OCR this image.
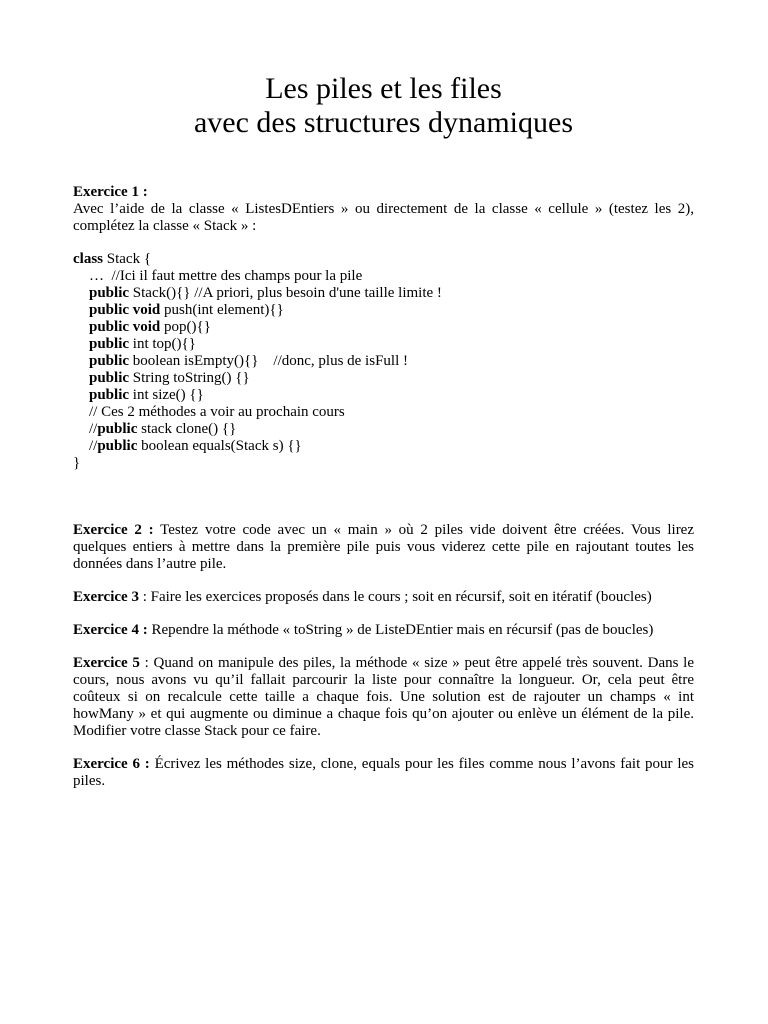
Les piles et les files
avec des structures dynamiques

Exercice 1 :
Avec l’aide de la classe « ListesDEntiers » ou directement de la classe « cellule » (testez les 2), complétez la classe « Stack » :

class Stack {
…  //Ici il faut mettre des champs pour la pile
public Stack(){} //A priori, plus besoin d'une taille limite !
public void push(int element){}
public void pop(){}
public int top(){}
public boolean isEmpty(){}    //donc, plus de isFull !
public String toString() {}
public int size() {}
// Ces 2 méthodes a voir au prochain cours
//public stack clone() {}
//public boolean equals(Stack s) {}
}

Exercice 2 : Testez votre code avec un « main » où 2 piles vide doivent être créées. Vous lirez quelques entiers à mettre dans la première pile puis vous viderez cette pile en rajoutant toutes les données dans l’autre pile.

Exercice 3 : Faire les exercices proposés dans le cours ; soit en récursif, soit en itératif (boucles)

Exercice 4 : Rependre la méthode « toString » de ListeDEntier mais en récursif (pas de boucles)

Exercice 5 : Quand on manipule des piles, la méthode « size » peut être appelé très souvent. Dans le cours, nous avons vu qu’il fallait parcourir la liste pour connaître la longueur. Or, cela peut être coûteux si on recalcule cette taille a chaque fois. Une solution est de rajouter un champs « int howMany » et qui augmente ou diminue a chaque fois qu’on ajouter ou enlève un élément de la pile. Modifier votre classe Stack pour ce faire.

Exercice 6 : Écrivez les méthodes size, clone, equals pour les files comme nous l’avons fait pour les piles.
